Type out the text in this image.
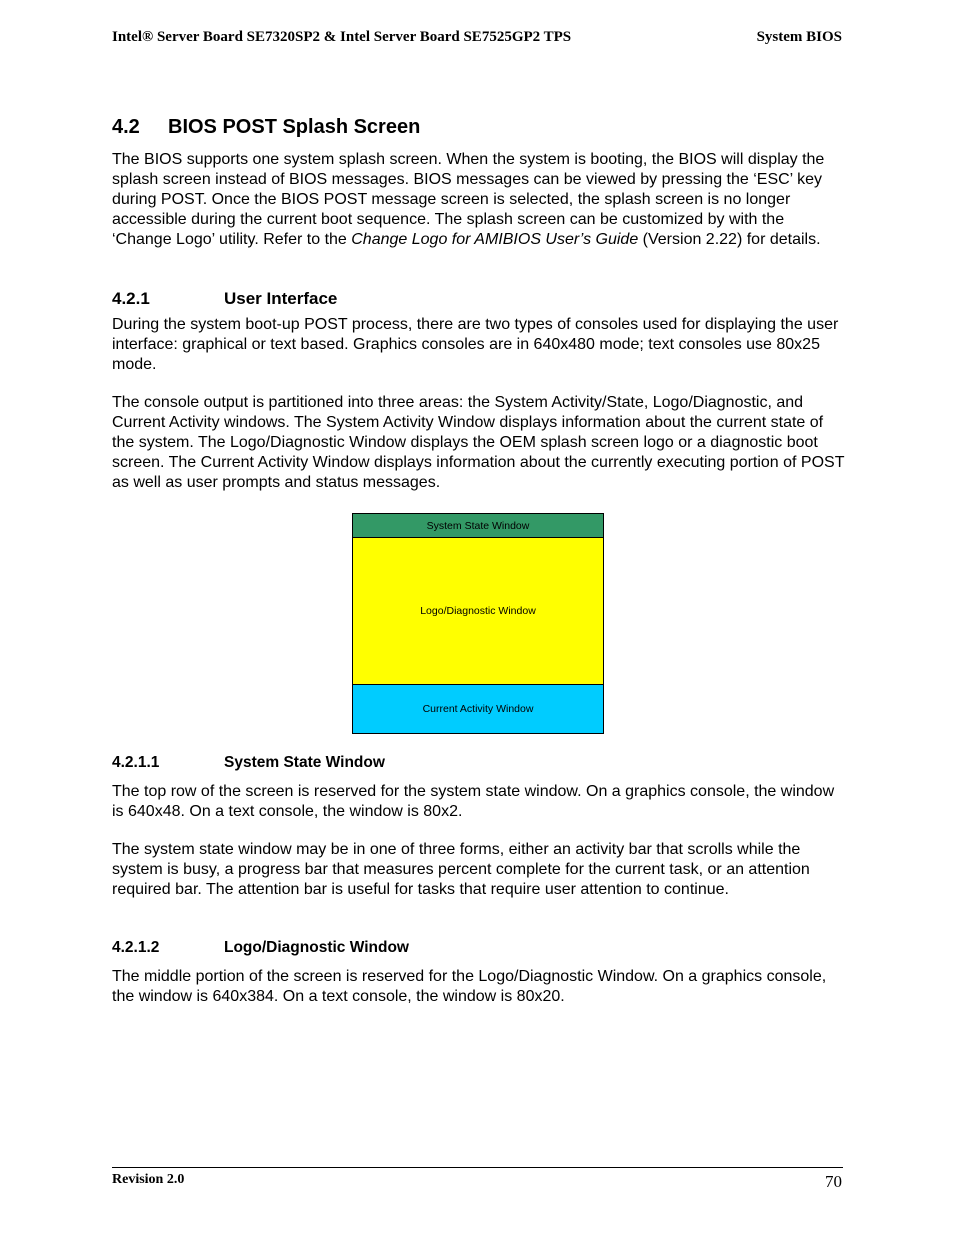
Intel® Server Board SE7320SP2 & Intel Server Board SE7525GP2 TPS	System BIOS
4.2 BIOS POST Splash Screen

The BIOS supports one system splash screen. When the system is booting, the BIOS will display the splash screen instead of BIOS messages. BIOS messages can be viewed by pressing the ‘ESC’ key during POST. Once the BIOS POST message screen is selected, the splash screen is no longer accessible during the current boot sequence. The splash screen can be customized by with the ‘Change Logo’ utility. Refer to the Change Logo for AMIBIOS User’s Guide (Version 2.22) for details.

4.2.1	User Interface

During the system boot-up POST process, there are two types of consoles used for displaying the user interface: graphical or text based. Graphics consoles are in 640x480 mode; text consoles use 80x25 mode.

The console output is partitioned into three areas: the System Activity/State, Logo/Diagnostic, and Current Activity windows. The System Activity Window displays information about the current state of the system. The Logo/Diagnostic Window displays the OEM splash screen logo or a diagnostic boot screen. The Current Activity Window displays information about the currently executing portion of POST as well as user prompts and status messages.

System State Window
Logo/Diagnostic Window
Current Activity Window
4.2.1.1	System State Window

The top row of the screen is reserved for the system state window. On a graphics console, the window is 640x48. On a text console, the window is 80x2.

The system state window may be in one of three forms, either an activity bar that scrolls while the system is busy, a progress bar that measures percent complete for the current task, or an attention required bar. The attention bar is useful for tasks that require user attention to continue.

4.2.1.2	Logo/Diagnostic Window

The middle portion of the screen is reserved for the Logo/Diagnostic Window. On a graphics console, the window is 640x384. On a text console, the window is 80x20.

Revision 2.0	70
